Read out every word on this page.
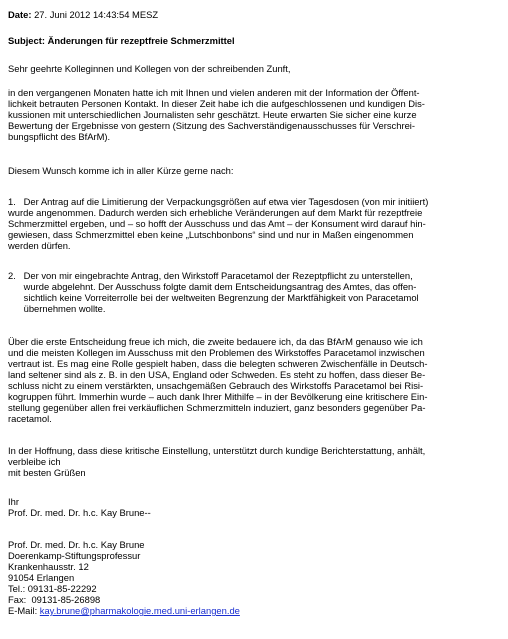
Date: 27. Juni 2012 14:43:54 MESZ
Subject: Änderungen für rezeptfreie Schmerzmittel
Sehr geehrte Kolleginnen und Kollegen von der schreibenden Zunft,
in den vergangenen Monaten hatte ich mit Ihnen und vielen anderen mit der Information der Öffent-
lichkeit betrauten Personen Kontakt. In dieser Zeit habe ich die aufgeschlossenen und kundigen Dis-
kussionen mit unterschiedlichen Journalisten sehr geschätzt. Heute erwarten Sie sicher eine kurze
Bewertung der Ergebnisse von gestern (Sitzung des Sachverständigenausschusses für Verschrei-
bungspflicht des BfArM).
Diesem Wunsch komme ich in aller Kürze gerne nach:
1.   Der Antrag auf die Limitierung der Verpackungsgrößen auf etwa vier Tagesdosen (von mir initiiert)
wurde angenommen. Dadurch werden sich erhebliche Veränderungen auf dem Markt für rezeptfreie
Schmerzmittel ergeben, und – so hofft der Ausschuss und das Amt – der Konsument wird darauf hin-
gewiesen, dass Schmerzmittel eben keine „Lutschbonbons“ sind und nur in Maßen eingenommen
werden dürfen.
2.   Der von mir eingebrachte Antrag, den Wirkstoff Paracetamol der Rezeptpflicht zu unterstellen,
wurde abgelehnt. Der Ausschuss folgte damit dem Entscheidungsantrag des Amtes, das offen-
sichtlich keine Vorreiterrolle bei der weltweiten Begrenzung der Marktfähigkeit von Paracetamol
übernehmen wollte.
Über die erste Entscheidung freue ich mich, die zweite bedauere ich, da das BfArM genauso wie ich
und die meisten Kollegen im Ausschuss mit den Problemen des Wirkstoffes Paracetamol inzwischen
vertraut ist. Es mag eine Rolle gespielt haben, dass die belegten schweren Zwischenfälle in Deutsch-
land seltener sind als z. B. in den USA, England oder Schweden. Es steht zu hoffen, dass dieser Be-
schluss nicht zu einem verstärkten, unsachgemäßen Gebrauch des Wirkstoffs Paracetamol bei Risi-
kogruppen führt. Immerhin wurde – auch dank Ihrer Mithilfe – in der Bevölkerung eine kritischere Ein-
stellung gegenüber allen frei verkäuflichen Schmerzmitteln induziert, ganz besonders gegenüber Pa-
racetamol.
In der Hoffnung, dass diese kritische Einstellung, unterstützt durch kundige Berichterstattung, anhält,
verbleibe ich
mit besten Grüßen
Ihr
Prof. Dr. med. Dr. h.c. Kay Brune--
Prof. Dr. med. Dr. h.c. Kay Brune
Doerenkamp-Stiftungsprofessur
Krankenhausstr. 12
91054 Erlangen
Tel.: 09131-85-22292
Fax:  09131-85-26898
E-Mail: kay.brune@pharmakologie.med.uni-erlangen.de
